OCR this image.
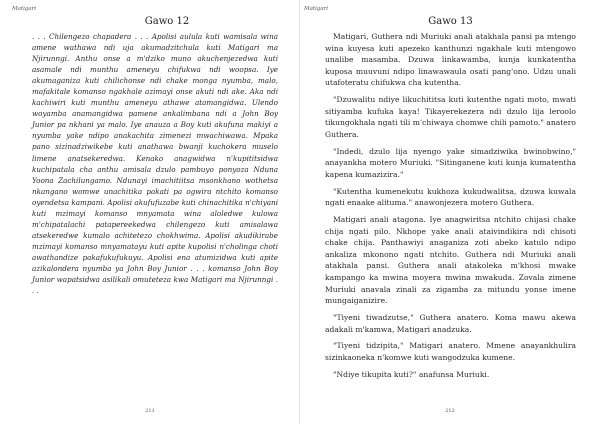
Matigari
Gawo 12

. . . Chilengezo chapadera . . . Apolisi aulula kuti wamisala wina amene wathawa ndi uja akumadzitchula kuti Matigari ma Njirunngi. Anthu onse a m'dziko muno akuchenjezedwa kuti asamale ndi munthu ameneyu chifukwa ndi woopsa. Iye akumaganiza kuti chilichonse ndi chake monga nyumba, malo, mafakitale komanso ngakhale azimayi onse akuti ndi ake. Aka ndi kachiwiri kuti munthu ameneyu athawe atamangidwa. Ulendo woyamba anamangidwa pamene ankalimbana ndi a John Boy Junior pa nkhani ya malo. Iye anauza a Boy kuti akufuna makiyi a nyumba yake ndipo anakachita zimenezi mwachiwawa. Mpaka pano sizinadziwikebe kuti anathawa bwanji kuchokera muselo limene anatsekeredwa. Kenako anagwidwa n'kupititsidwa kuchipatala cha anthu amisala dzulo pambuyo ponyoza Nduna Yoona Zachilungamo. Ndunayi imachitiitsa msonkhano wothetsa nkangano womwe unachitika pakati pa ogwira ntchito komanso oyendetsa kampani. Apolisi akufufuzabe kuti chinachitika n'chiyani kuti mzimayi komanso mnyamata wina aloledwe kulowa m'chipatalachi patapereekedwa chilengezo kuti amisalawa atsekeredwe kumalo achitetezo chokhwima. Apolisi akudikirabe mzimayi komanso mnyamatayu kuti apite kupolisi n'cholinga choti awathandize pakafukufukuyu. Apolisi ena atumizidwa kuti apite azikalondera nyumba ya John Boy Junior . . . komanso John Boy Junior wapatsidwa asilikali omuteteza kwa Matigari ma Njirunngi . . .

211
Matigari
Gawo 13

Matigari, Guthera ndi Muriuki anali atakhala pansi pa mtengo wina kuyesa kuti apezeko kanthunzi ngakhale kuti mtengowo unalibe masamba. Dzuwa linkawamba, kunja kunkatentha kuposa muuvuni ndipo linawawaula osati pang'ono. Udzu unali utafoteratu chifukwa cha kutentha.

"Dzuwalitu ndiye likuchititsa kuti kutenthe ngati moto, mwati sitiyamba kufuka kaya! Tikayerekezera ndi dzulo lija leroolo tikungokhala ngati tili m'chiwaya chomwe chili pamoto." anatero Guthera.

"Indedi, dzulo lija nyengo yake simadziwika bwinobwino," anayankha motero Muriuki. "Sitinganene kuti kunja kumatentha kapena kumazizira."

"Kutentha kumenekutu kukhoza kukudwalitsa, dzuwa kuwala ngati enaake alituma." anawonjezera motero Guthera.

Matigari anali atagona. Iye anagwiritsa ntchito chijasi chake chija ngati pilo. Nkhope yake anali ataivindikira ndi chisoti chake chija. Panthawiyi anaganiza zoti abeko katulo ndipo ankaliza mkonono ngati ntchito. Guthera ndi Muriuki anali atakhala pansi. Guthera anali atakoleka m'khosi mwake kampango ka mwina moyera mwina mwakuda. Zovala zimene Muriuki anavala zinali za zigamba za mitundu yonse imene mungaiganizire.

"Tiyeni tiwadzutse," Guthera anatero. Koma mawu akewa adakali m'kamwa, Matigari anadzuka.

"Tiyeni tidzipita," Matigari anatero. Mmene anayankhulira sizinkaoneka n'komwe kuti wangodzuka kumene.

"Ndiye tikupita kuti?" anafunsa Muriuki.

212
